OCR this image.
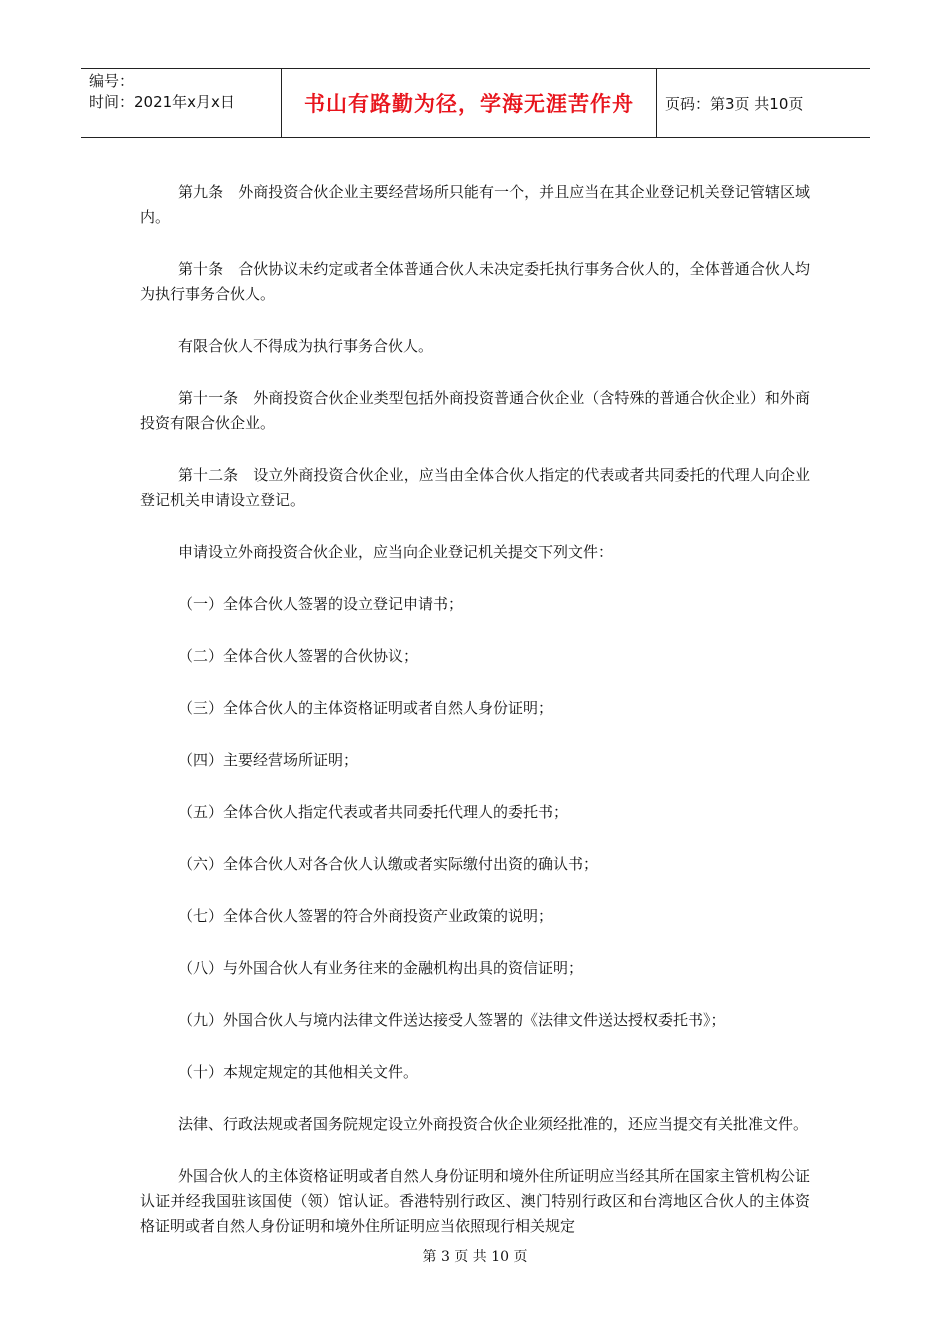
编号：
时间：2021年x月x日	书山有路勤为径，学海无涯苦作舟	页码：第3页 共10页

第九条　外商投资合伙企业主要经营场所只能有一个，并且应当在其企业登记机关登记管辖区域内。

第十条　合伙协议未约定或者全体普通合伙人未决定委托执行事务合伙人的，全体普通合伙人均为执行事务合伙人。

有限合伙人不得成为执行事务合伙人。

第十一条　外商投资合伙企业类型包括外商投资普通合伙企业（含特殊的普通合伙企业）和外商投资有限合伙企业。

第十二条　设立外商投资合伙企业，应当由全体合伙人指定的代表或者共同委托的代理人向企业登记机关申请设立登记。

申请设立外商投资合伙企业，应当向企业登记机关提交下列文件：

（一）全体合伙人签署的设立登记申请书；

（二）全体合伙人签署的合伙协议；

（三）全体合伙人的主体资格证明或者自然人身份证明；

（四）主要经营场所证明；

（五）全体合伙人指定代表或者共同委托代理人的委托书；

（六）全体合伙人对各合伙人认缴或者实际缴付出资的确认书；

（七）全体合伙人签署的符合外商投资产业政策的说明；

（八）与外国合伙人有业务往来的金融机构出具的资信证明；

（九）外国合伙人与境内法律文件送达接受人签署的《法律文件送达授权委托书》；

（十）本规定规定的其他相关文件。

法律、行政法规或者国务院规定设立外商投资合伙企业须经批准的，还应当提交有关批准文件。

外国合伙人的主体资格证明或者自然人身份证明和境外住所证明应当经其所在国家主管机构公证认证并经我国驻该国使（领）馆认证。香港特别行政区、澳门特别行政区和台湾地区合伙人的主体资格证明或者自然人身份证明和境外住所证明应当依照现行相关规定

第 3 页 共 10 页
